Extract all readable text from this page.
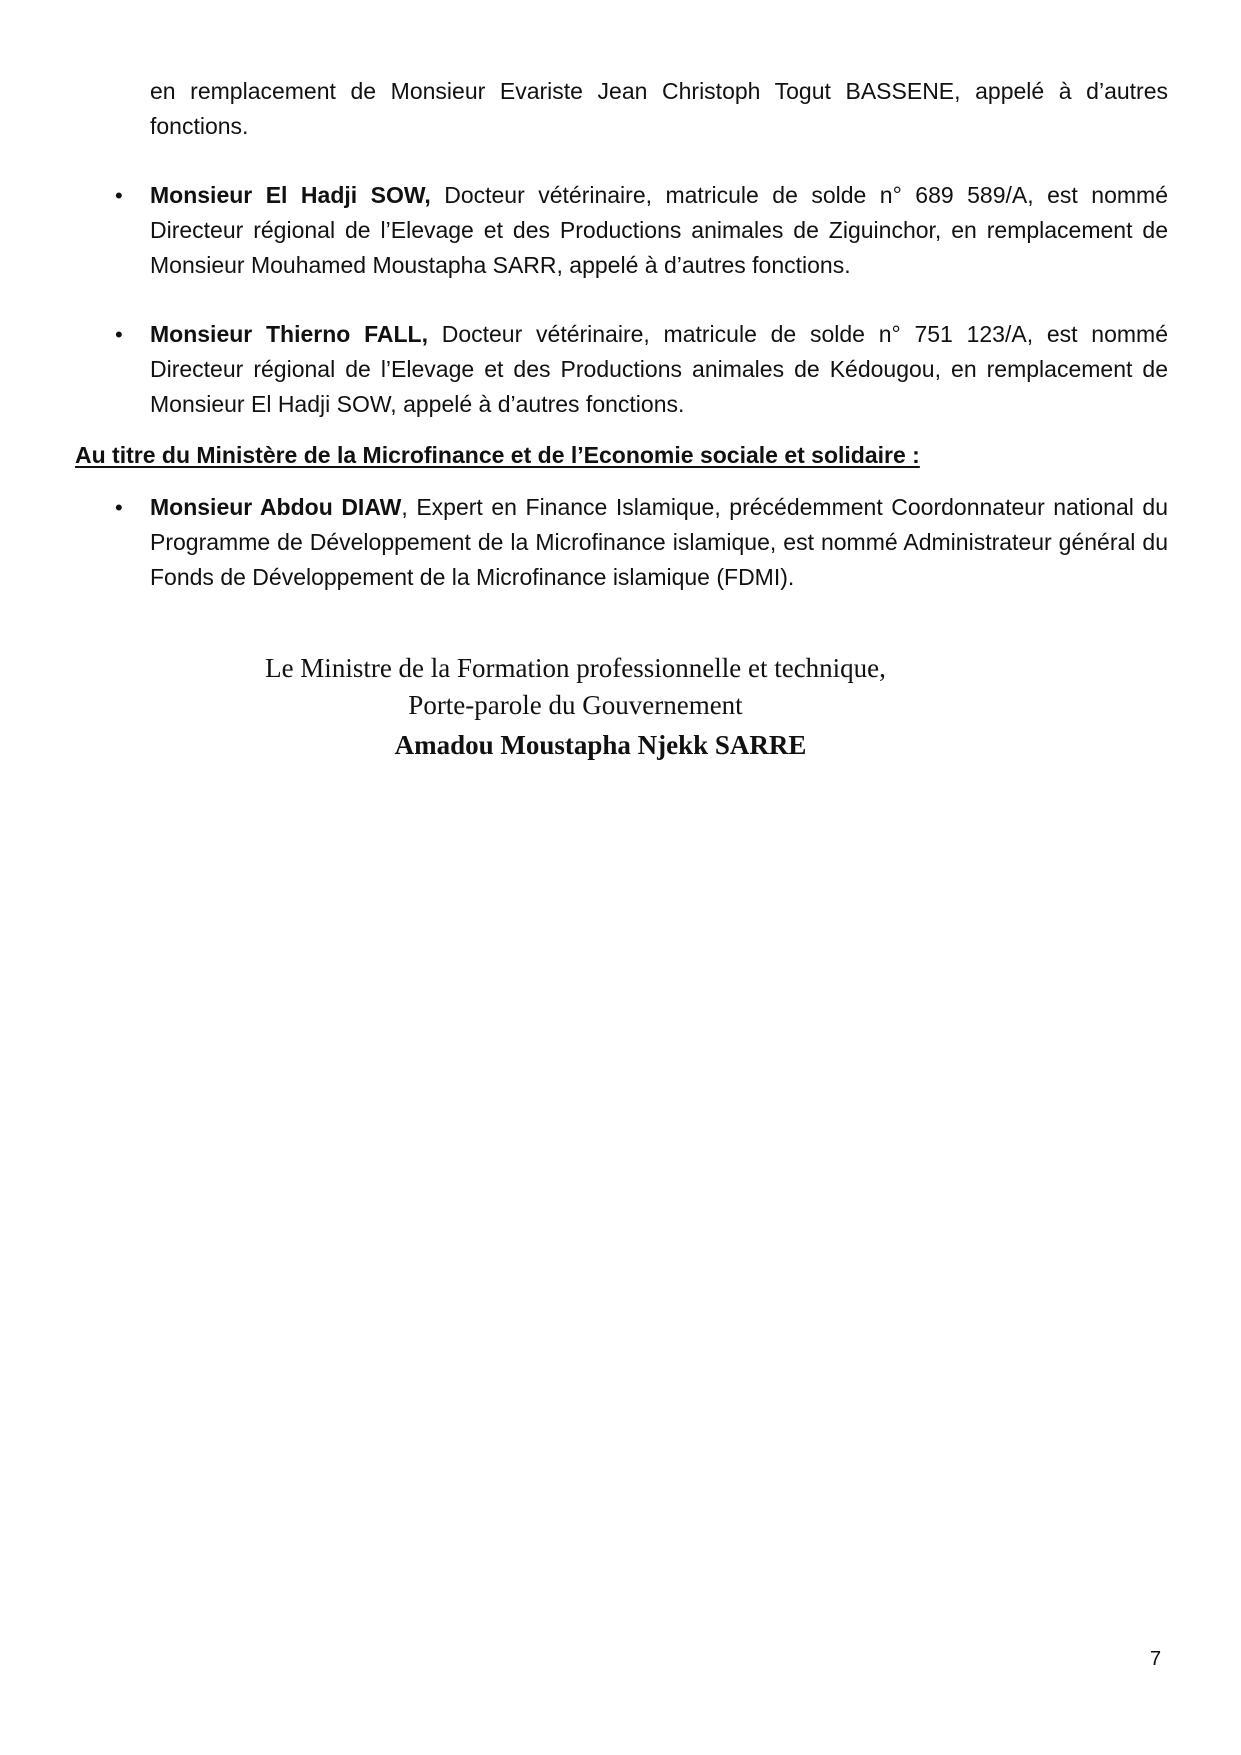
en remplacement de Monsieur Evariste Jean Christoph Togut BASSENE, appelé à d’autres fonctions.

• Monsieur El Hadji SOW, Docteur vétérinaire, matricule de solde n° 689 589/A, est nommé Directeur régional de l’Elevage et des Productions animales de Ziguinchor, en remplacement de Monsieur Mouhamed Moustapha SARR, appelé à d’autres fonctions.

• Monsieur Thierno FALL, Docteur vétérinaire, matricule de solde n° 751 123/A, est nommé Directeur régional de l’Elevage et des Productions animales de Kédougou, en remplacement de Monsieur El Hadji SOW, appelé à d’autres fonctions.

Au titre du Ministère de la Microfinance et de l’Economie sociale et solidaire :

• Monsieur Abdou DIAW, Expert en Finance Islamique, précédemment Coordonnateur national du Programme de Développement de la Microfinance islamique, est nommé Administrateur général du Fonds de Développement de la Microfinance islamique (FDMI).

Le Ministre de la Formation professionnelle et technique,

Porte-parole du Gouvernement

Amadou Moustapha Njekk SARRE

7
